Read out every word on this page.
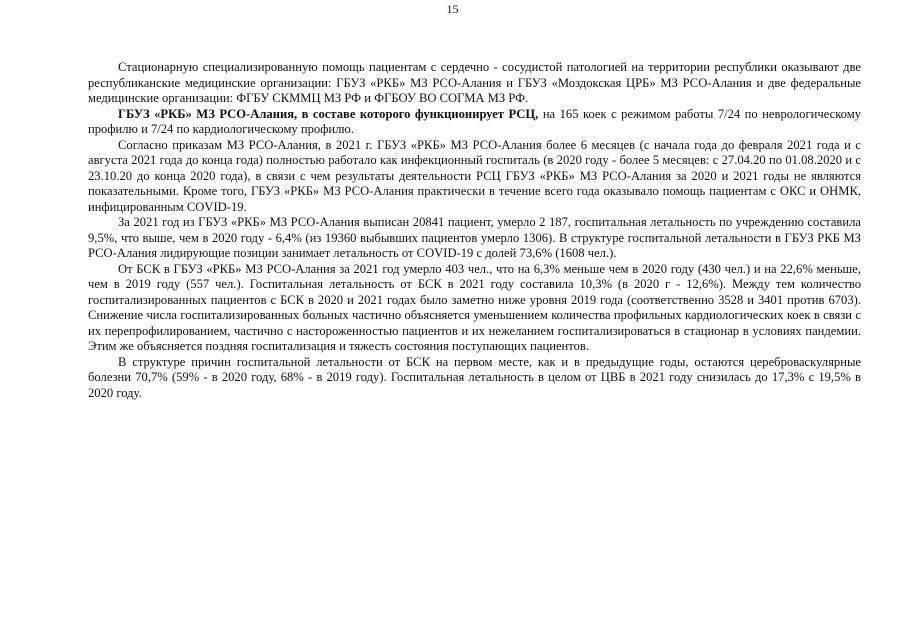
15

Стационарную специализированную помощь пациентам с сердечно - сосудистой патологией на территории республики оказывают две республиканские медицинские организации: ГБУЗ «РКБ» МЗ РСО-Алания и ГБУЗ «Моздокская ЦРБ» МЗ РСО-Алания и две федеральные медицинские организации: ФГБУ СКММЦ МЗ РФ и ФГБОУ ВО СОГМА МЗ РФ.

ГБУЗ «РКБ» МЗ РСО-Алания, в составе которого функционирует РСЦ, на 165 коек с режимом работы 7/24 по неврологическому профилю и 7/24 по кардиологическому профилю.

Согласно приказам МЗ РСО-Алания, в 2021 г. ГБУЗ «РКБ» МЗ РСО-Алания более 6 месяцев (с начала года до февраля 2021 года и с августа 2021 года до конца года) полностью работало как инфекционный госпиталь (в 2020 году - более 5 месяцев: с 27.04.20 по 01.08.2020 и с 23.10.20 до конца 2020 года), в связи с чем результаты деятельности РСЦ ГБУЗ «РКБ» МЗ РСО-Алания за 2020 и 2021 годы не являются показательными. Кроме того, ГБУЗ «РКБ» МЗ РСО-Алания практически в течение всего года оказывало помощь пациентам с ОКС и ОНМК, инфицированным COVID-19.

За 2021 год из ГБУЗ «РКБ» МЗ РСО-Алания выписан 20841 пациент, умерло 2 187, госпитальная летальность по учреждению составила 9,5%, что выше, чем в 2020 году - 6,4% (из 19360 выбывших пациентов умерло 1306). В структуре госпитальной летальности в ГБУЗ РКБ МЗ РСО-Алания лидирующие позиции занимает летальность от COVID-19 с долей 73,6% (1608 чел.).

От БСК в ГБУЗ «РКБ» МЗ РСО-Алания за 2021 год умерло 403 чел., что на 6,3% меньше чем в 2020 году (430 чел.) и на 22,6% меньше, чем в 2019 году (557 чел.). Госпитальная летальность от БСК в 2021 году составила 10,3% (в 2020 г - 12,6%). Между тем количество госпитализированных пациентов с БСК в 2020 и 2021 годах было заметно ниже уровня 2019 года (соответственно 3528 и 3401 против 6703). Снижение числа госпитализированных больных частично объясняется уменьшением количества профильных кардиологических коек в связи с их перепрофилированием, частично с настороженностью пациентов и их нежеланием госпитализироваться в стационар в условиях пандемии. Этим же объясняется поздняя госпитализация и тяжесть состояния поступающих пациентов.

В структуре причин госпитальной летальности от БСК на первом месте, как и в предыдущие годы, остаются цереброваскулярные болезни 70,7% (59% - в 2020 году, 68% - в 2019 году). Госпитальная летальность в целом от ЦВБ в 2021 году снизилась до 17,3% с 19,5% в 2020 году.
